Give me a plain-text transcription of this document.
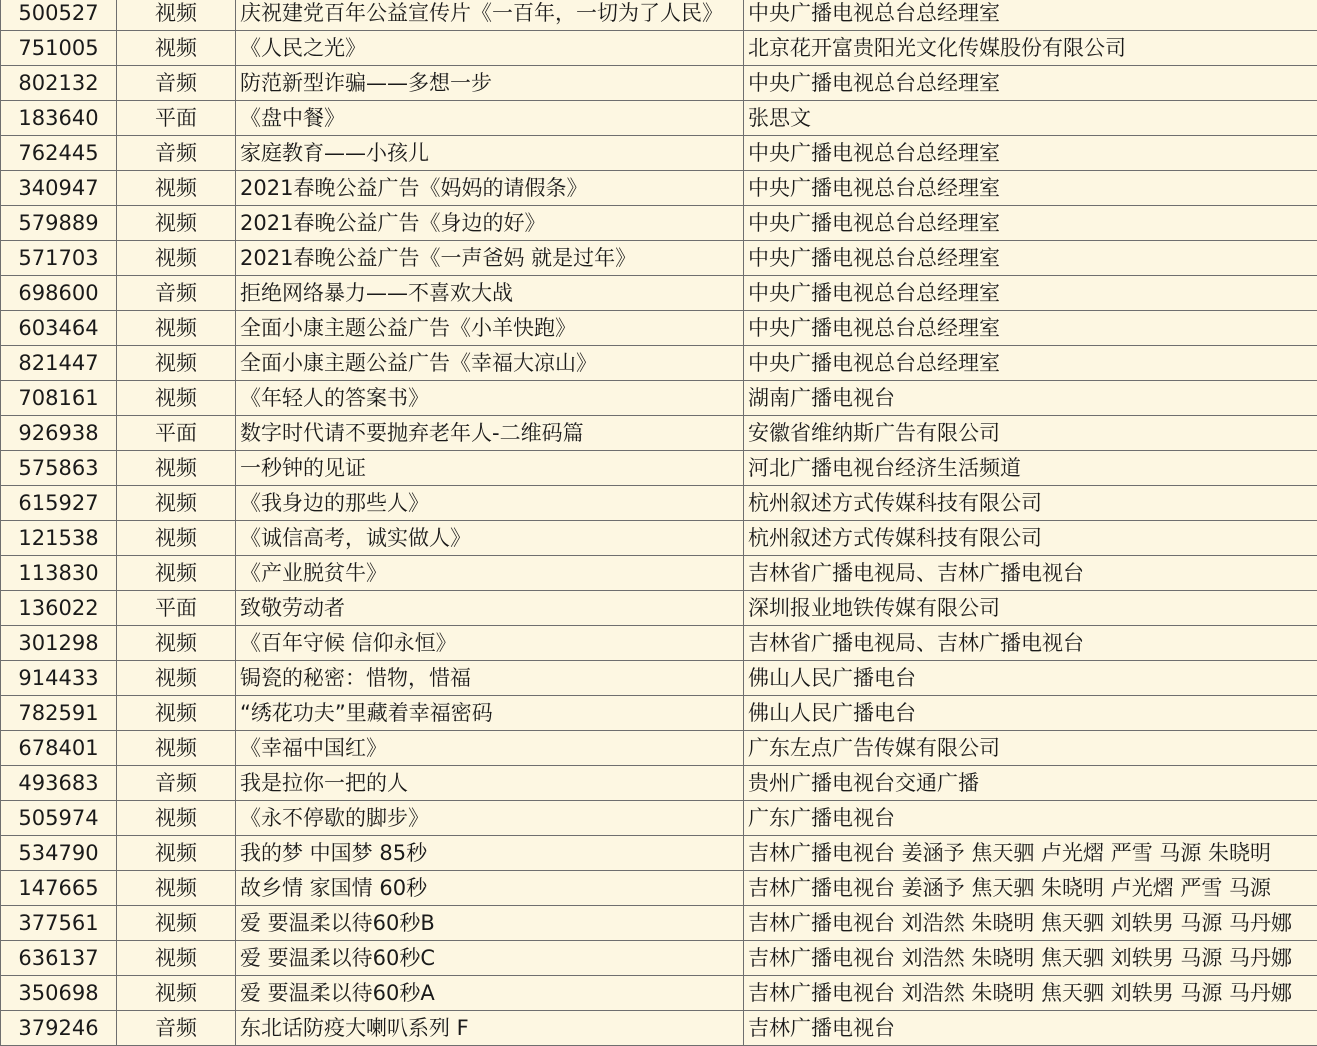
500527	视频	庆祝建党百年公益宣传片《一百年，一切为了人民》	中央广播电视总台总经理室
751005	视频	《人民之光》	北京花开富贵阳光文化传媒股份有限公司
802132	音频	防范新型诈骗——多想一步	中央广播电视总台总经理室
183640	平面	《盘中餐》	张思文
762445	音频	家庭教育——小孩儿	中央广播电视总台总经理室
340947	视频	2021春晚公益广告《妈妈的请假条》	中央广播电视总台总经理室
579889	视频	2021春晚公益广告《身边的好》	中央广播电视总台总经理室
571703	视频	2021春晚公益广告《一声爸妈 就是过年》	中央广播电视总台总经理室
698600	音频	拒绝网络暴力——不喜欢大战	中央广播电视总台总经理室
603464	视频	全面小康主题公益广告《小羊快跑》	中央广播电视总台总经理室
821447	视频	全面小康主题公益广告《幸福大凉山》	中央广播电视总台总经理室
708161	视频	《年轻人的答案书》	湖南广播电视台
926938	平面	数字时代请不要抛弃老年人-二维码篇	安徽省维纳斯广告有限公司
575863	视频	一秒钟的见证	河北广播电视台经济生活频道
615927	视频	《我身边的那些人》	杭州叙述方式传媒科技有限公司
121538	视频	《诚信高考，诚实做人》	杭州叙述方式传媒科技有限公司
113830	视频	《产业脱贫牛》	吉林省广播电视局、吉林广播电视台
136022	平面	致敬劳动者	深圳报业地铁传媒有限公司
301298	视频	《百年守候 信仰永恒》	吉林省广播电视局、吉林广播电视台
914433	视频	锔瓷的秘密：惜物，惜福	佛山人民广播电台
782591	视频	“绣花功夫”里藏着幸福密码	佛山人民广播电台
678401	视频	《幸福中国红》	广东左点广告传媒有限公司
493683	音频	我是拉你一把的人	贵州广播电视台交通广播
505974	视频	《永不停歇的脚步》	广东广播电视台
534790	视频	我的梦 中国梦 85秒	吉林广播电视台 姜涵予 焦天驷 卢光熠 严雪 马源 朱晓明
147665	视频	故乡情 家国情 60秒	吉林广播电视台 姜涵予 焦天驷 朱晓明 卢光熠 严雪 马源
377561	视频	爱 要温柔以待60秒B	吉林广播电视台 刘浩然 朱晓明 焦天驷 刘轶男 马源 马丹娜
636137	视频	爱 要温柔以待60秒C	吉林广播电视台 刘浩然 朱晓明 焦天驷 刘轶男 马源 马丹娜
350698	视频	爱 要温柔以待60秒A	吉林广播电视台 刘浩然 朱晓明 焦天驷 刘轶男 马源 马丹娜
379246	音频	东北话防疫大喇叭系列 F	吉林广播电视台
